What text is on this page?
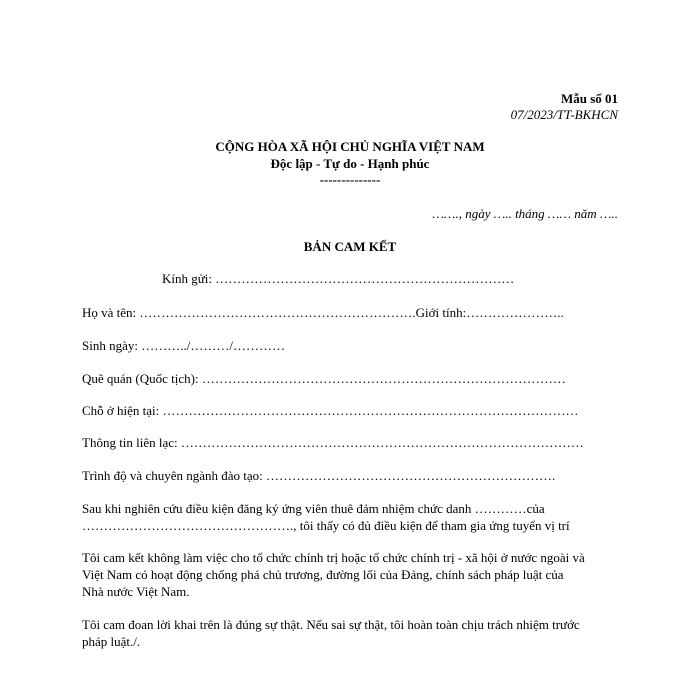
Mẫu số 01
07/2023/TT-BKHCN
CỘNG HÒA XÃ HỘI CHỦ NGHĨA VIỆT NAM
Độc lập - Tự do - Hạnh phúc
--------------
……., ngày ….. tháng …… năm …..
BẢN CAM KẾT
Kính gửi: ……………………………………………………………
Họ và tên: ……………………………………………………….Giới tính:…………………..
Sinh ngày: ………../………/…………
Quê quán (Quốc tịch): …………………………………………………………………………
Chỗ ở hiện tại: ……………………………………………………………………………………
Thông tin liên lạc: …………………………………………………………………………………
Trình độ và chuyên ngành đào tạo: ………………………………………………………….
Sau khi nghiên cứu điều kiện đăng ký ứng viên thuê đảm nhiệm chức danh …………của
…………………………………………., tôi thấy có đủ điều kiện để tham gia ứng tuyển vị trí
Tôi cam kết không làm việc cho tổ chức chính trị hoặc tổ chức chính trị - xã hội ở nước ngoài và
Việt Nam có hoạt động chống phá chủ trương, đường lối của Đảng, chính sách pháp luật của
Nhà nước Việt Nam.
Tôi cam đoan lời khai trên là đúng sự thật. Nếu sai sự thật, tôi hoàn toàn chịu trách nhiệm trước
pháp luật./.
